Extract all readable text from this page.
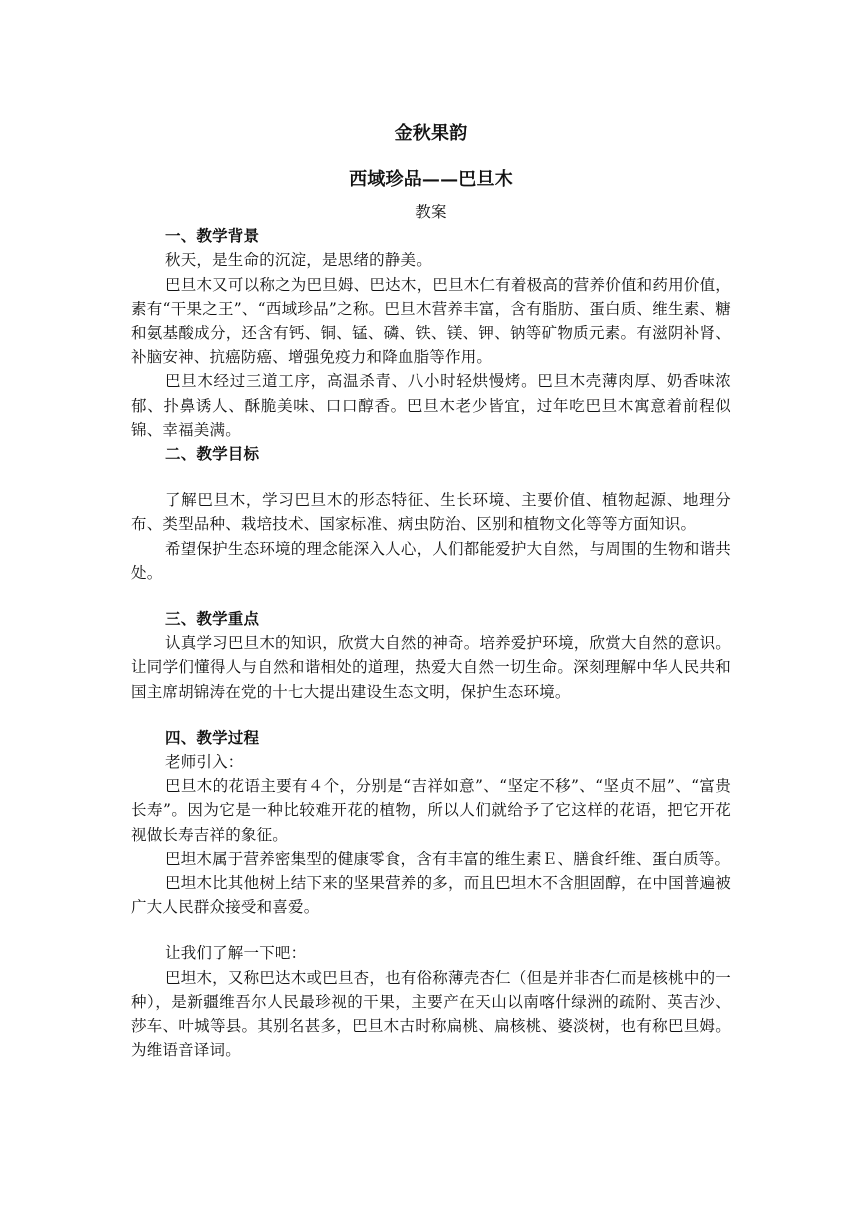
金秋果韵
西域珍品——巴旦木
教案
一、教学背景

秋天，是生命的沉淀，是思绪的静美。

巴旦木又可以称之为巴旦姆、巴达木，巴旦木仁有着极高的营养价值和药用价值，素有“干果之王”、“西域珍品”之称。巴旦木营养丰富，含有脂肪、蛋白质、维生素、糖和氨基酸成分，还含有钙、铜、锰、磷、铁、镁、钾、钠等矿物质元素。有滋阴补肾、补脑安神、抗癌防癌、增强免疫力和降血脂等作用。

巴旦木经过三道工序，高温杀青、八小时轻烘慢烤。巴旦木壳薄肉厚、奶香味浓郁、扑鼻诱人、酥脆美味、口口醇香。巴旦木老少皆宜，过年吃巴旦木寓意着前程似锦、幸福美满。

二、教学目标

了解巴旦木，学习巴旦木的形态特征、生长环境、主要价值、植物起源、地理分布、类型品种、栽培技术、国家标准、病虫防治、区别和植物文化等等方面知识。

希望保护生态环境的理念能深入人心，人们都能爱护大自然，与周围的生物和谐共处。

三、教学重点

认真学习巴旦木的知识，欣赏大自然的神奇。培养爱护环境，欣赏大自然的意识。让同学们懂得人与自然和谐相处的道理，热爱大自然一切生命。深刻理解中华人民共和国主席胡锦涛在党的十七大提出建设生态文明，保护生态环境。

四、教学过程

老师引入：

巴旦木的花语主要有４个，分别是“吉祥如意”、“坚定不移”、“坚贞不屈”、“富贵长寿”。因为它是一种比较难开花的植物，所以人们就给予了它这样的花语，把它开花视做长寿吉祥的象征。

巴坦木属于营养密集型的健康零食，含有丰富的维生素Ｅ、膳食纤维、蛋白质等。

巴坦木比其他树上结下来的坚果营养的多，而且巴坦木不含胆固醇，在中国普遍被广大人民群众接受和喜爱。

让我们了解一下吧：

巴坦木，又称巴达木或巴旦杏，也有俗称薄壳杏仁（但是并非杏仁而是核桃中的一种），是新疆维吾尔人民最珍视的干果，主要产在天山以南喀什绿洲的疏附、英吉沙、莎车、叶城等县。其别名甚多，巴旦木古时称扁桃、扁核桃、婆淡树，也有称巴旦姆。为维语音译词。
